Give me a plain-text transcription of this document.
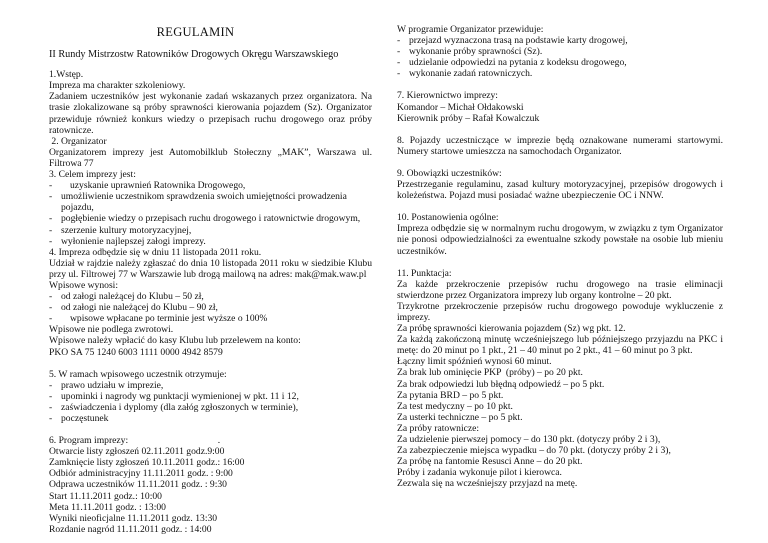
REGULAMIN
II Rundy Mistrzostw Ratowników Drogowych Okręgu Warszawskiego
1.Wstęp.
Impreza ma charakter szkoleniowy.
Zadaniem uczestników jest wykonanie zadań wskazanych przez organizatora. Na trasie zlokalizowane są próby sprawności kierowania pojazdem (Sz). Organizator przewiduje również konkurs wiedzy o przepisach ruchu drogowego oraz próby ratownicze.
2. Organizator
Organizatorem imprezy jest Automobilklub Stołeczny „MAK”, Warszawa ul. Filtrowa 77
3. Celem imprezy jest:
-	uzyskanie uprawnień Ratownika Drogowego,
- umożliwienie uczestnikom sprawdzenia swoich umiejętności prowadzenia pojazdu,
- pogłębienie wiedzy o przepisach ruchu drogowego i ratownictwie drogowym,
- szerzenie kultury motoryzacyjnej,
- wyłonienie najlepszej załogi imprezy.
4. Impreza odbędzie się w dniu 11 listopada 2011 roku.
Udział w rajdzie należy zgłaszać do dnia 10 listopada 2011 roku w siedzibie Klubu przy ul. Filtrowej 77 w Warszawie lub drogą mailową na adres: mak@mak.waw.pl
Wpisowe wynosi:
- od załogi należącej do Klubu – 50 zł,
- od załogi nie należącej do Klubu – 90 zł,
-	wpisowe wpłacane po terminie jest wyższe o 100%
Wpisowe nie podlega zwrotowi.
Wpisowe należy wpłacić do kasy Klubu lub przelewem na konto:
PKO SA 75 1240 6003 1111 0000 4942 8579
5. W ramach wpisowego uczestnik otrzymuje:
- prawo udziału w imprezie,
- upominki i nagrody wg punktacji wymienionej w pkt. 11 i 12,
- zaświadczenia i dyplomy (dla załóg zgłoszonych w terminie),
- poczęstunek
6. Program imprezy:	.
Otwarcie listy zgłoszeń 02.11.2011 godz.9:00
Zamknięcie listy zgłoszeń 10.11.2011 godz.: 16:00
Odbiór administracyjny 11.11.2011 godz. : 9:00
Odprawa uczestników 11.11.2011 godz. : 9:30
Start 11.11.2011 godz.: 10:00
Meta 11.11.2011 godz. : 13:00
Wyniki nieoficjalne 11.11.2011 godz. 13:30
Rozdanie nagród 11.11.2011 godz. : 14:00
W programie Organizator przewiduje:
- przejazd wyznaczona trasą na podstawie karty drogowej,
- wykonanie próby sprawności (Sz).
- udzielanie odpowiedzi na pytania z kodeksu drogowego,
- wykonanie zadań ratowniczych.
7. Kierownictwo imprezy:
Komandor – Michał Ołdakowski
Kierownik próby – Rafał Kowalczuk
8. Pojazdy uczestniczące w imprezie będą oznakowane numerami startowymi. Numery startowe umieszcza na samochodach Organizator.
9. Obowiązki uczestników:
Przestrzeganie regulaminu, zasad kultury motoryzacyjnej, przepisów drogowych i koleżeństwa. Pojazd musi posiadać ważne ubezpieczenie OC i NNW.
10. Postanowienia ogólne:
Impreza odbędzie się w normalnym ruchu drogowym, w związku z tym Organizator nie ponosi odpowiedzialności za ewentualne szkody powstałe na osobie lub mieniu uczestników.
11. Punktacja:
Za każde przekroczenie przepisów ruchu drogowego na trasie eliminacji stwierdzone przez Organizatora imprezy lub organy kontrolne – 20 pkt.
Trzykrotne przekroczenie przepisów ruchu drogowego powoduje wykluczenie z imprezy.
Za próbę sprawności kierowania pojazdem (Sz) wg pkt. 12.
Za każdą zakończoną minutę wcześniejszego lub późniejszego przyjazdu na PKC i metę: do 20 minut po 1 pkt., 21 – 40 minut po 2 pkt., 41 – 60 minut po 3 pkt.
Łączny limit spóźnień wynosi 60 minut.
Za brak lub ominięcie PKP  (próby) – po 20 pkt.
Za brak odpowiedzi lub błędną odpowiedź – po 5 pkt.
Za pytania BRD – po 5 pkt.
Za test medyczny – po 10 pkt.
Za usterki techniczne – po 5 pkt.
Za próby ratownicze:
Za udzielenie pierwszej pomocy – do 130 pkt. (dotyczy próby 2 i 3),
Za zabezpieczenie miejsca wypadku – do 70 pkt. (dotyczy próby 2 i 3),
Za próbę na fantomie Resusci Anne – do 20 pkt.
Próby i zadania wykonuje pilot i kierowca.
Zezwala się na wcześniejszy przyjazd na metę.
